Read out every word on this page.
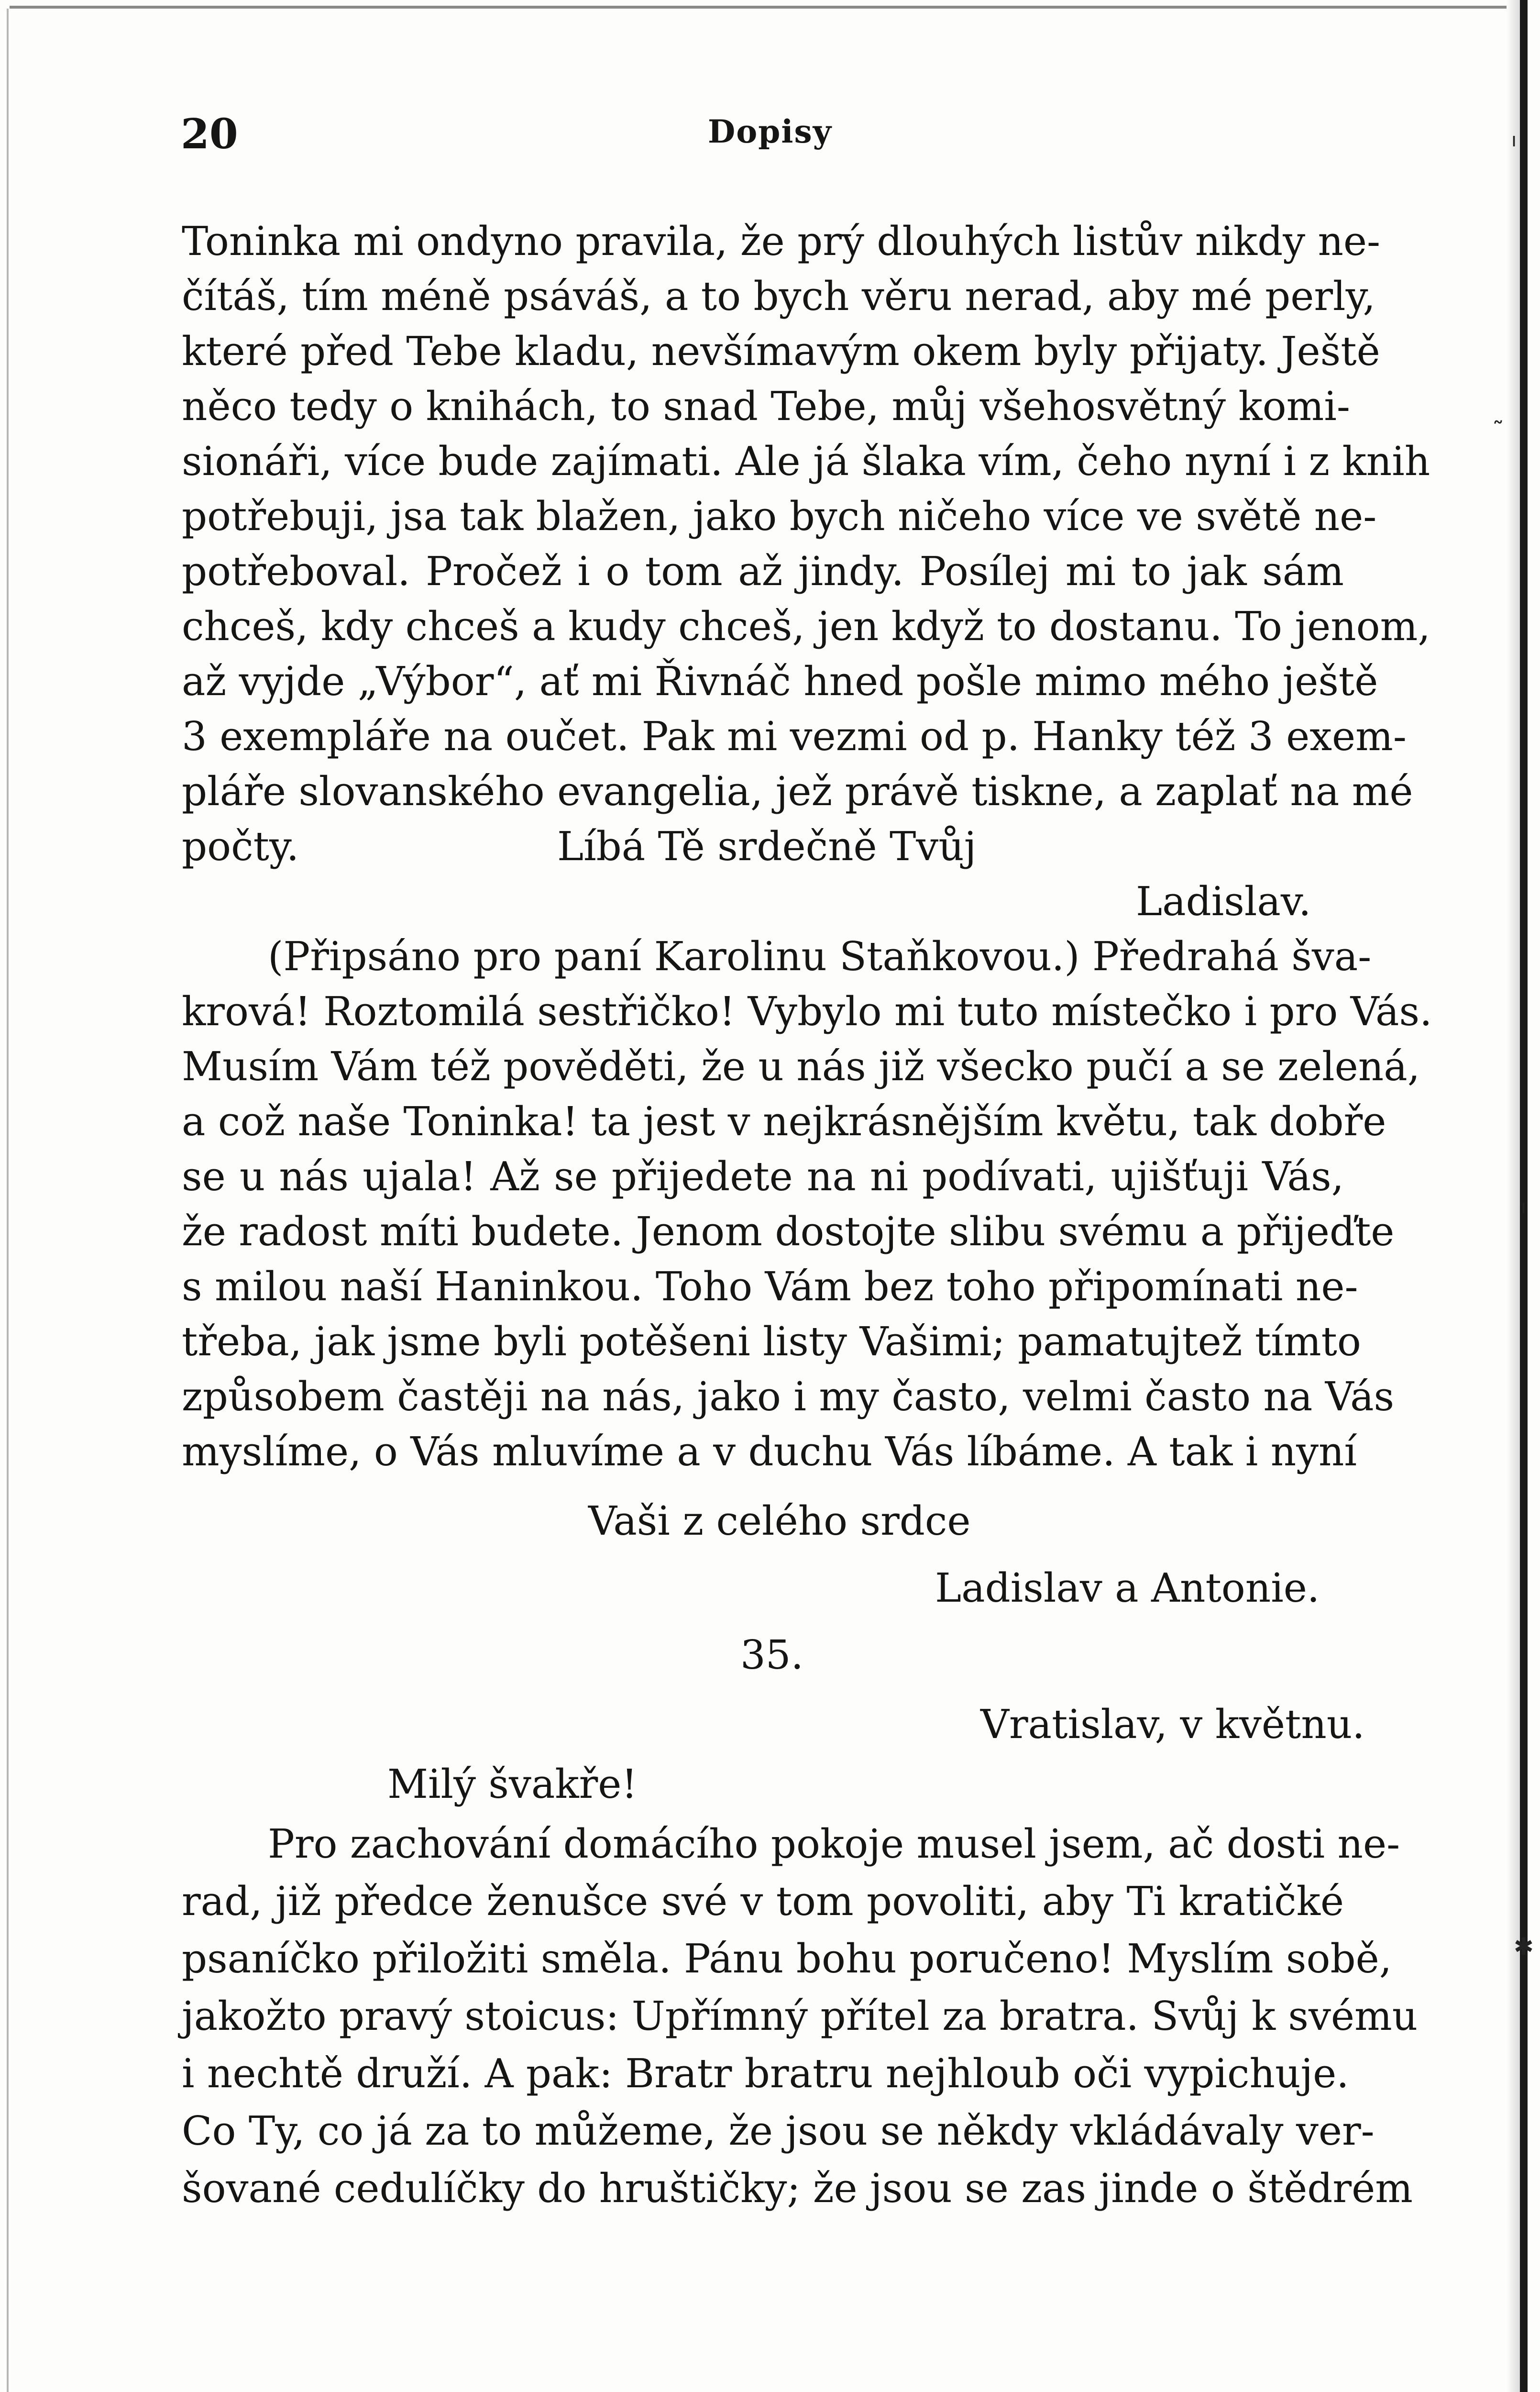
ı
˷
ı
✱
20	Dopisy
Toninka mi ondyno pravila, že prý dlouhých listův nikdy ne-
čítáš, tím méně psáváš, a to bych věru nerad, aby mé perly,
které před Tebe kladu, nevšímavým okem byly přijaty. Ještě
něco tedy o knihách, to snad Tebe, můj všehosvětný komi-
sionáři, více bude zajímati. Ale já šlaka vím, čeho nyní i z knih
potřebuji, jsa tak blažen, jako bych ničeho více ve světě ne-
potřeboval. Pročež i o tom až jindy. Posílej mi to jak sám
chceš, kdy chceš a kudy chceš, jen když to dostanu. To jenom,
až vyjde „Výbor“, ať mi Řivnáč hned pošle mimo mého ještě
3 exempláře na oučet. Pak mi vezmi od p. Hanky též 3 exem-
pláře slovanského evangelia, jež právě tiskne, a zaplať na mé
počty.	Líbá Tě srdečně Tvůj
Ladislav.
(Připsáno pro paní Karolinu Staňkovou.) Předrahá šva-
krová! Roztomilá sestřičko! Vybylo mi tuto místečko i pro Vás.
Musím Vám též pověděti, že u nás již všecko pučí a se zelená,
a což naše Toninka! ta jest v nejkrásnějším květu, tak dobře
se u nás ujala! Až se přijedete na ni podívati, ujišťuji Vás,
že radost míti budete. Jenom dostojte slibu svému a přijeďte
s milou naší Haninkou. Toho Vám bez toho připomínati ne-
třeba, jak jsme byli potěšeni listy Vašimi; pamatujtež tímto
způsobem častěji na nás, jako i my často, velmi často na Vás
myslíme, o Vás mluvíme a v duchu Vás líbáme. A tak i nyní
Vaši z celého srdce
Ladislav a Antonie.
35.
Vratislav, v květnu.
Milý švakře!
Pro zachování domácího pokoje musel jsem, ač dosti ne-
rad, již předce ženušce své v tom povoliti, aby Ti kratičké
psaníčko přiložiti směla. Pánu bohu poručeno! Myslím sobě,
jakožto pravý stoicus: Upřímný přítel za bratra. Svůj k svému
i nechtě druží. A pak: Bratr bratru nejhloub oči vypichuje.
Co Ty, co já za to můžeme, že jsou se někdy vkládávaly ver-
šované cedulíčky do hruštičky; že jsou se zas jinde o štědrém
